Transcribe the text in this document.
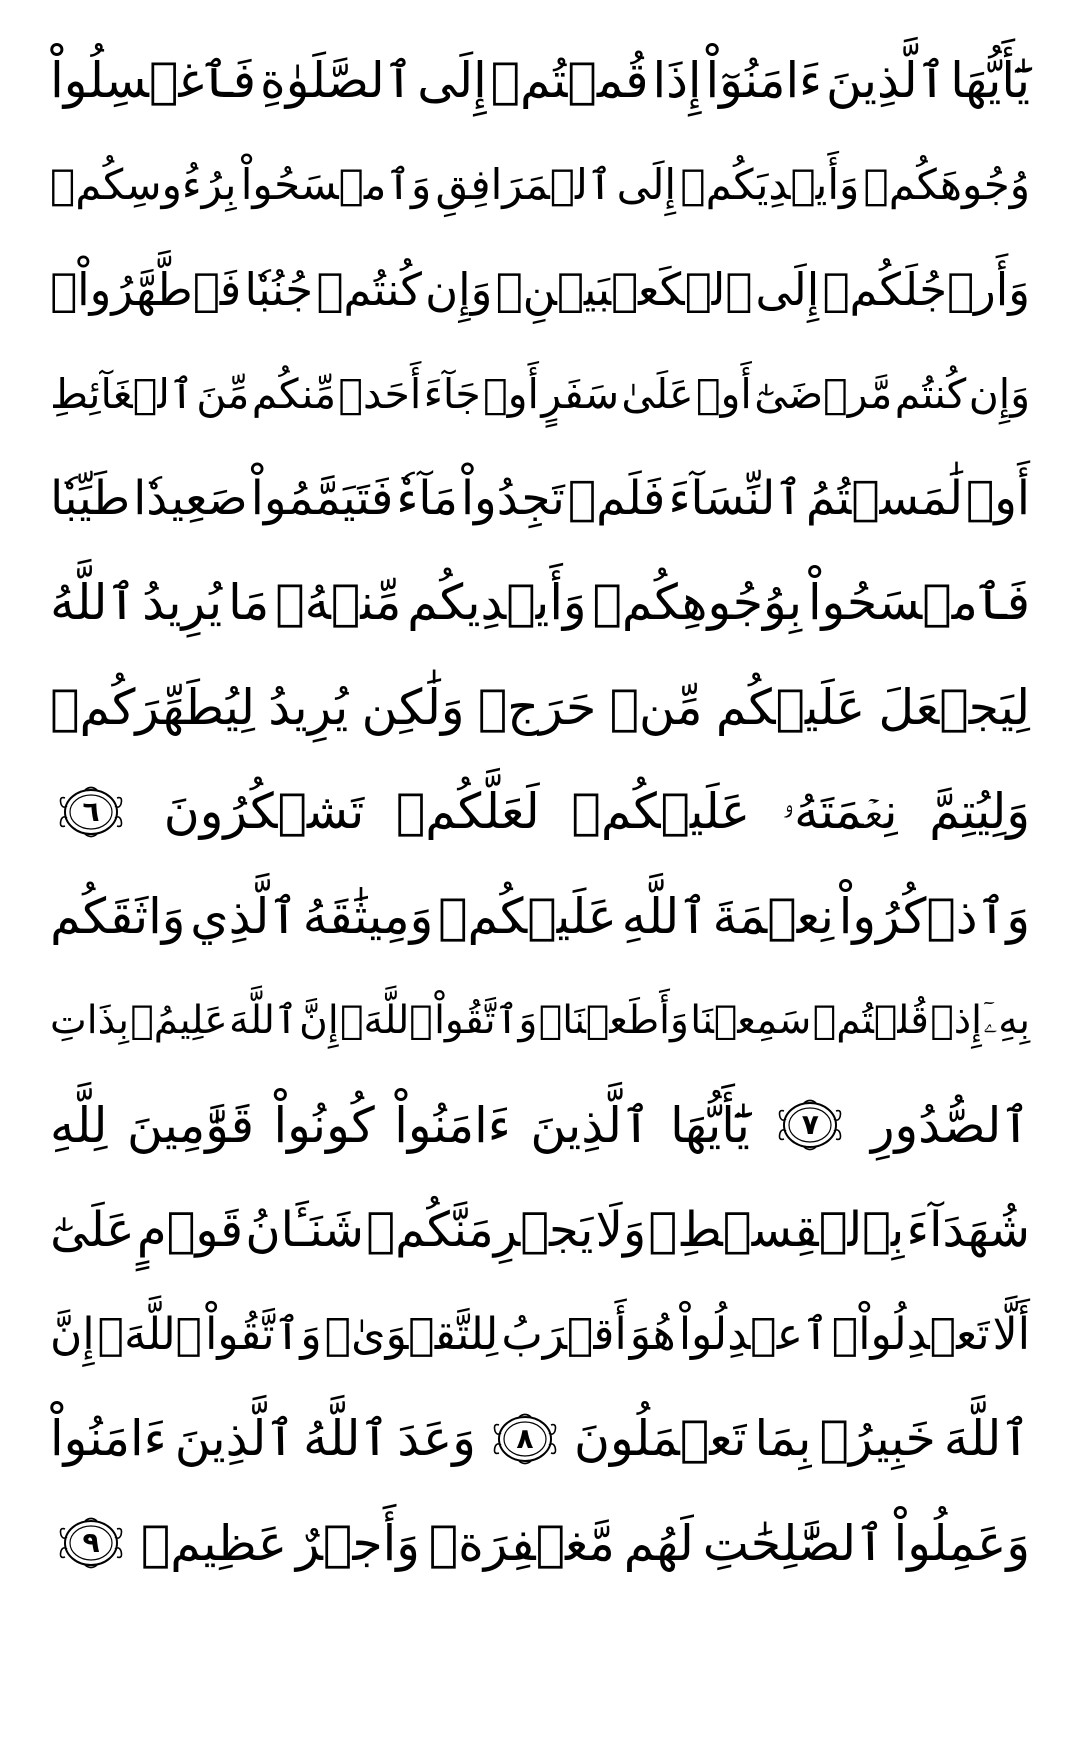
يَٰٓأَيُّهَا
ٱلَّذِينَ
ءَامَنُوٓاْ
إِذَا
قُمۡتُمۡ
إِلَى
ٱلصَّلَوٰةِ
فَٱغۡسِلُواْ
وُجُوهَكُمۡ
وَأَيۡدِيَكُمۡ
إِلَى
ٱلۡمَرَافِقِ
وَٱمۡسَحُواْ
بِرُءُوسِكُمۡ
وَأَرۡجُلَكُمۡ
إِلَى
ٱلۡكَعۡبَيۡنِۚ
وَإِن
كُنتُمۡ
جُنُبٗا
فَٱطَّهَّرُواْۚ
وَإِن
كُنتُم
مَّرۡضَىٰٓ
أَوۡ
عَلَىٰ
سَفَرٍ
أَوۡ
جَآءَ
أَحَدٞ
مِّنكُم
مِّنَ
ٱلۡغَآئِطِ
أَوۡ
لَٰمَسۡتُمُ
ٱلنِّسَآءَ
فَلَمۡ
تَجِدُواْ
مَآءٗ
فَتَيَمَّمُواْ
صَعِيدٗا
طَيِّبٗا
فَٱمۡسَحُواْ
بِوُجُوهِكُمۡ
وَأَيۡدِيكُم
مِّنۡهُۚ
مَا
يُرِيدُ
ٱللَّهُ
لِيَجۡعَلَ
عَلَيۡكُم
مِّنۡ
حَرَجٖ
وَلَٰكِن
يُرِيدُ
لِيُطَهِّرَكُمۡ
وَلِيُتِمَّ
نِعۡمَتَهُۥ
عَلَيۡكُمۡ
لَعَلَّكُمۡ
تَشۡكُرُونَ
٦
وَٱذۡكُرُواْ
نِعۡمَةَ
ٱللَّهِ
عَلَيۡكُمۡ
وَمِيثَٰقَهُ
ٱلَّذِي
وَاثَقَكُم
بِهِۦٓ
إِذۡ
قُلۡتُمۡ
سَمِعۡنَا
وَأَطَعۡنَاۖ
وَٱتَّقُواْ
ٱللَّهَۚ
إِنَّ
ٱللَّهَ
عَلِيمُۢ
بِذَاتِ
ٱلصُّدُورِ
٧
يَٰٓأَيُّهَا
ٱلَّذِينَ
ءَامَنُواْ
كُونُواْ
قَوَّٰمِينَ
لِلَّهِ
شُهَدَآءَ
بِٱلۡقِسۡطِۖ
وَلَا
يَجۡرِمَنَّكُمۡ
شَنَـَٔانُ
قَوۡمٍ
عَلَىٰٓ
أَلَّا
تَعۡدِلُواْۚ
ٱعۡدِلُواْ
هُوَ
أَقۡرَبُ
لِلتَّقۡوَىٰۖ
وَٱتَّقُواْ
ٱللَّهَۚ
إِنَّ
ٱللَّهَ
خَبِيرُۢ
بِمَا
تَعۡمَلُونَ
٨
وَعَدَ
ٱللَّهُ
ٱلَّذِينَ
ءَامَنُواْ
وَعَمِلُواْ
ٱلصَّٰلِحَٰتِ
لَهُم
مَّغۡفِرَةٞ
وَأَجۡرٌ
عَظِيمٞ
٩
